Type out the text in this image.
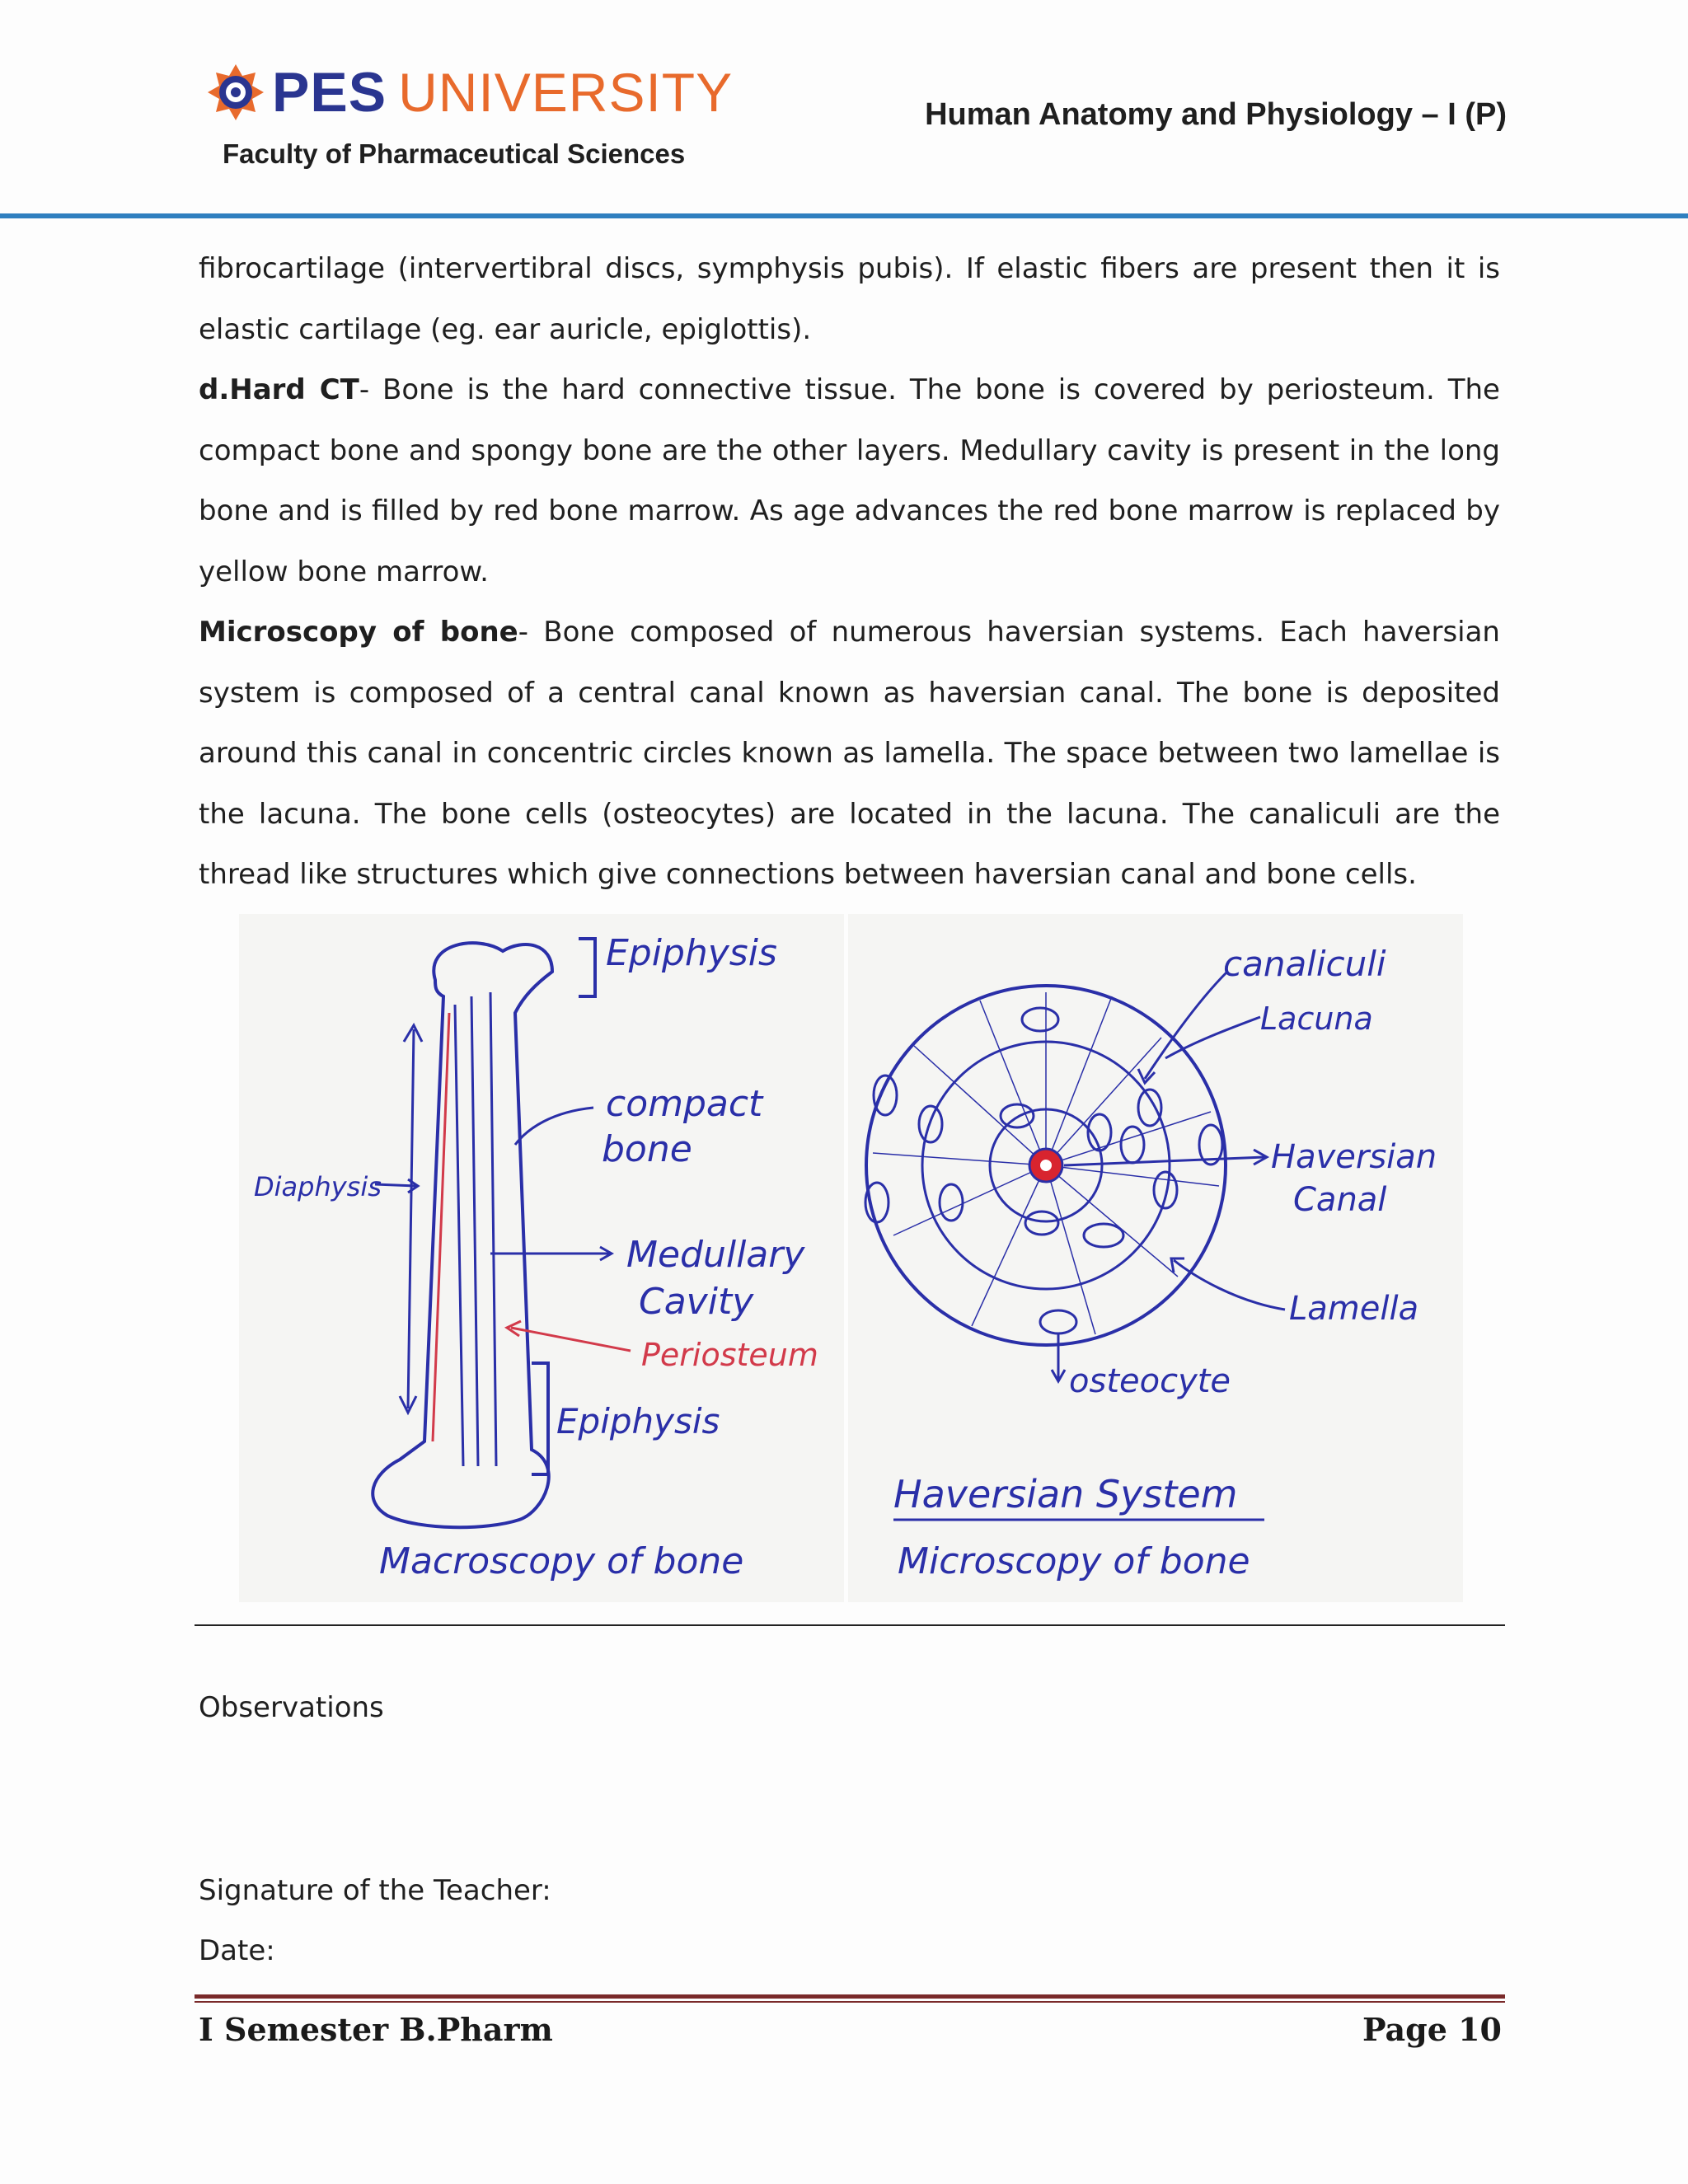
PES UNIVERSITY
Faculty of Pharmaceutical Sciences
Human Anatomy and Physiology – I (P)

fibrocartilage (intervertibral discs, symphysis pubis). If elastic fibers are present then it is elastic cartilage (eg. ear auricle, epiglottis).

d.Hard CT- Bone is the hard connective tissue. The bone is covered by periosteum. The compact bone and spongy bone are the other layers. Medullary cavity is present in the long bone and is filled by red bone marrow. As age advances the red bone marrow is replaced by yellow bone marrow.

Microscopy of bone- Bone composed of numerous haversian systems. Each haversian system is composed of a central canal known as haversian canal. The bone is deposited around this canal in concentric circles known as lamella. The space between two lamellae is the lacuna. The bone cells (osteocytes) are located in the lacuna. The canaliculi are the thread like structures which give connections between haversian canal and bone cells.

Epiphysis
compact
bone
Diaphysis
Medullary
Cavity
Periosteum
Epiphysis
Macroscopy of bone
canaliculi
Lacuna
Haversian
Canal
Lamella
osteocyte
Haversian System
Microscopy of bone
Observations
Signature of the Teacher:
Date:
I Semester B.Pharm	Page 10
